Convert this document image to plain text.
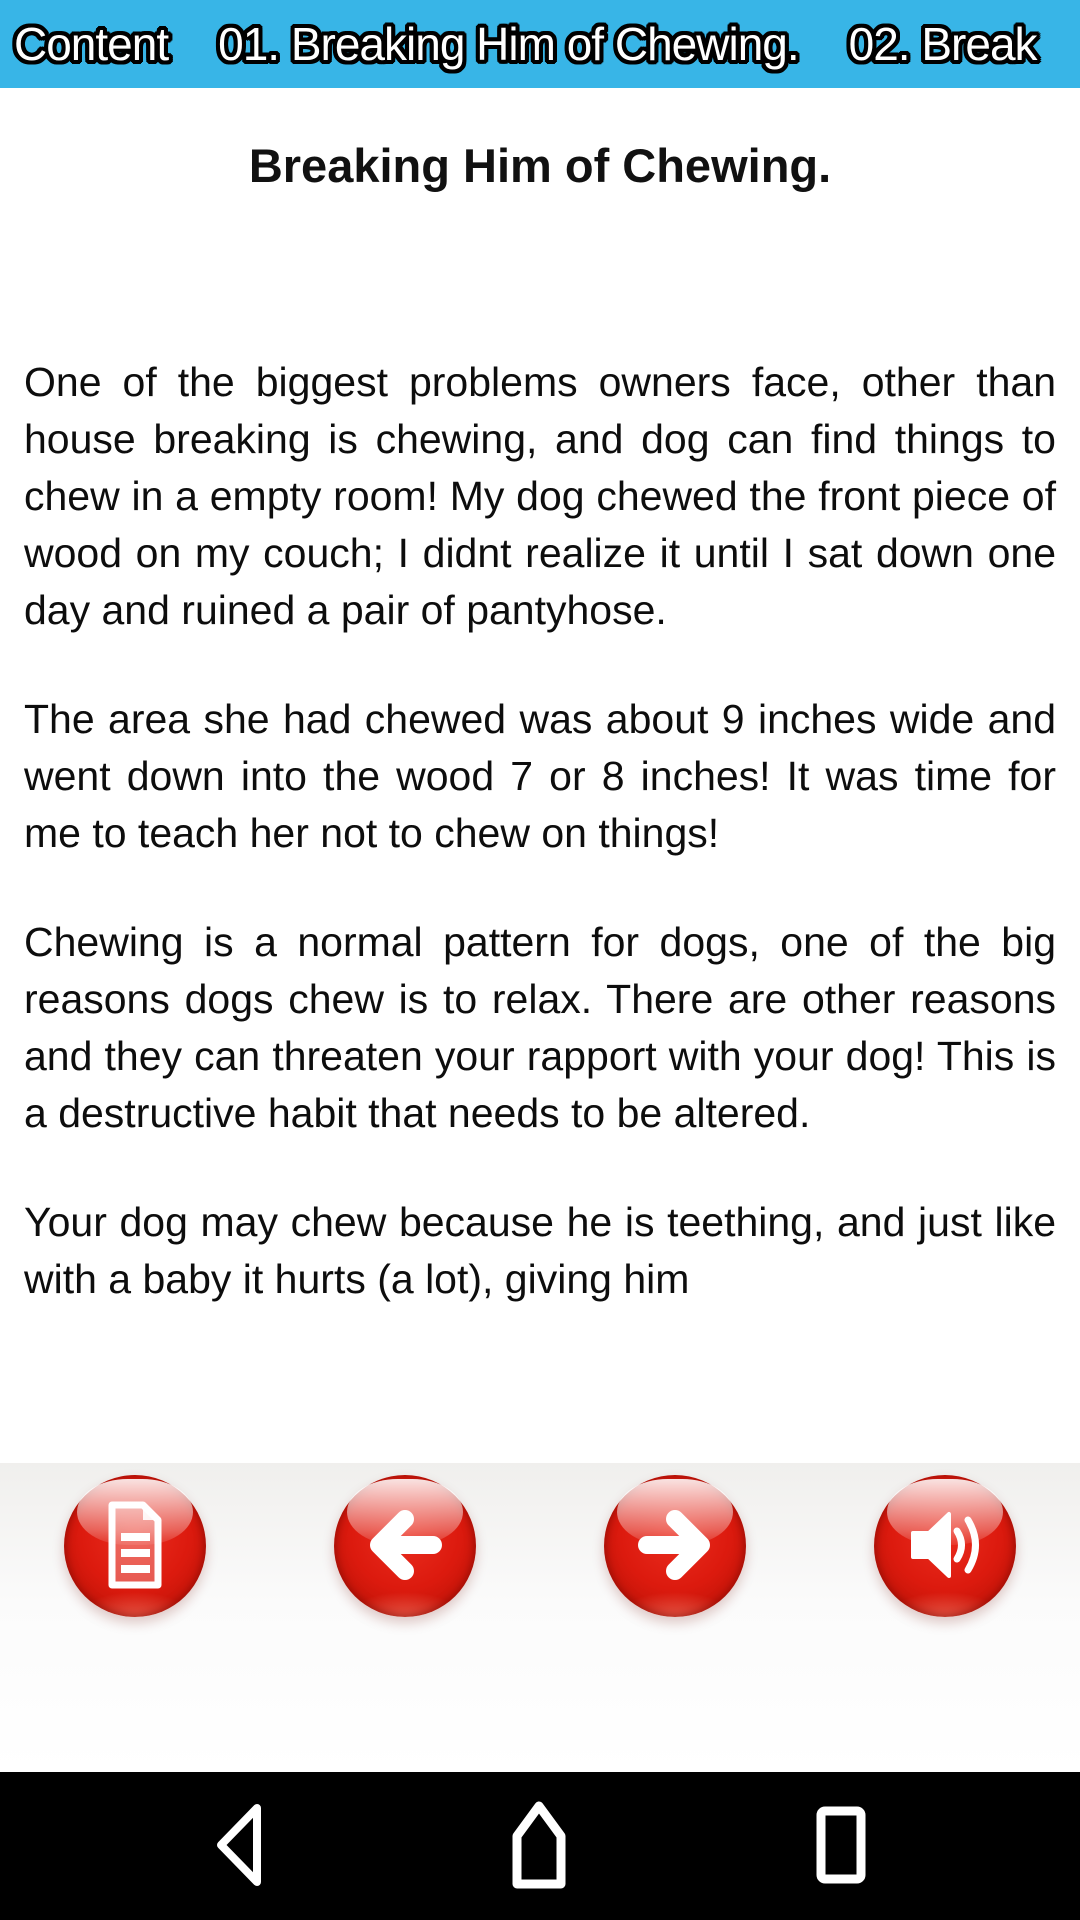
Content 01. Breaking Him of Chewing. 02. Break
Breaking Him of Chewing.

One of the biggest problems owners face, other than house breaking is chewing, and dog can find things to chew in a empty room! My dog chewed the front piece of wood on my couch; I didnt realize it until I sat down one day and ruined a pair of pantyhose.

The area she had chewed was about 9 inches wide and went down into the wood 7 or 8 inches! It was time for me to teach her not to chew on things!

Chewing is a normal pattern for dogs, one of the big reasons dogs chew is to relax. There are other reasons and they can threaten your rapport with your dog! This is a destructive habit that needs to be altered.

Your dog may chew because he is teething, and just like with a baby it hurts (a lot), giving him
